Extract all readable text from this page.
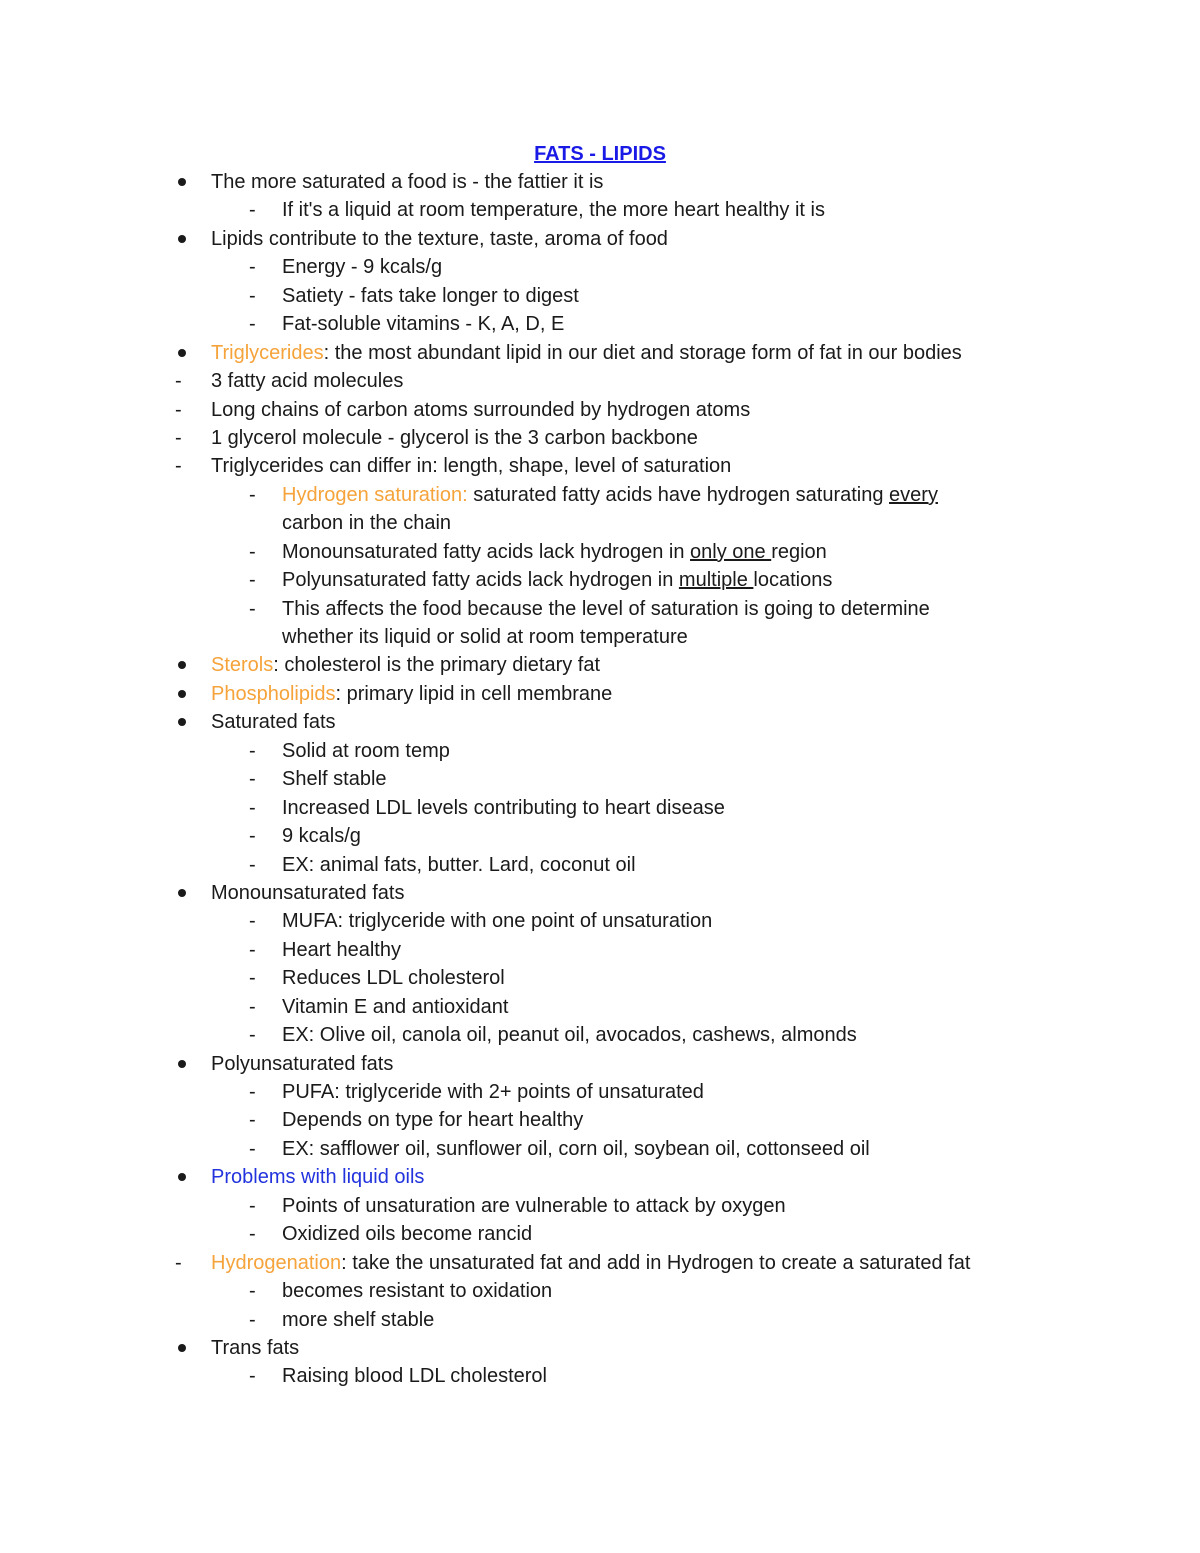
FATS - LIPIDS
The more saturated a food is - the fattier it is
- If it's a liquid at room temperature, the more heart healthy it is
Lipids contribute to the texture, taste, aroma of food
- Energy - 9 kcals/g
- Satiety - fats take longer to digest
- Fat-soluble vitamins - K, A, D, E
Triglycerides: the most abundant lipid in our diet and storage form of fat in our bodies
- 3 fatty acid molecules
- Long chains of carbon atoms surrounded by hydrogen atoms
- 1 glycerol molecule - glycerol is the 3 carbon backbone
- Triglycerides can differ in: length, shape, level of saturation
- Hydrogen saturation: saturated fatty acids have hydrogen saturating every
carbon in the chain
- Monounsaturated fatty acids lack hydrogen in only one region
- Polyunsaturated fatty acids lack hydrogen in multiple locations
- This affects the food because the level of saturation is going to determine
whether its liquid or solid at room temperature
Sterols: cholesterol is the primary dietary fat
Phospholipids: primary lipid in cell membrane
Saturated fats
- Solid at room temp
- Shelf stable
- Increased LDL levels contributing to heart disease
- 9 kcals/g
- EX: animal fats, butter. Lard, coconut oil
Monounsaturated fats
- MUFA: triglyceride with one point of unsaturation
- Heart healthy
- Reduces LDL cholesterol
- Vitamin E and antioxidant
- EX: Olive oil, canola oil, peanut oil, avocados, cashews, almonds
Polyunsaturated fats
- PUFA: triglyceride with 2+ points of unsaturated
- Depends on type for heart healthy
- EX: safflower oil, sunflower oil, corn oil, soybean oil, cottonseed oil
Problems with liquid oils
- Points of unsaturation are vulnerable to attack by oxygen
- Oxidized oils become rancid
- Hydrogenation: take the unsaturated fat and add in Hydrogen to create a saturated fat
- becomes resistant to oxidation
- more shelf stable
Trans fats
- Raising blood LDL cholesterol
